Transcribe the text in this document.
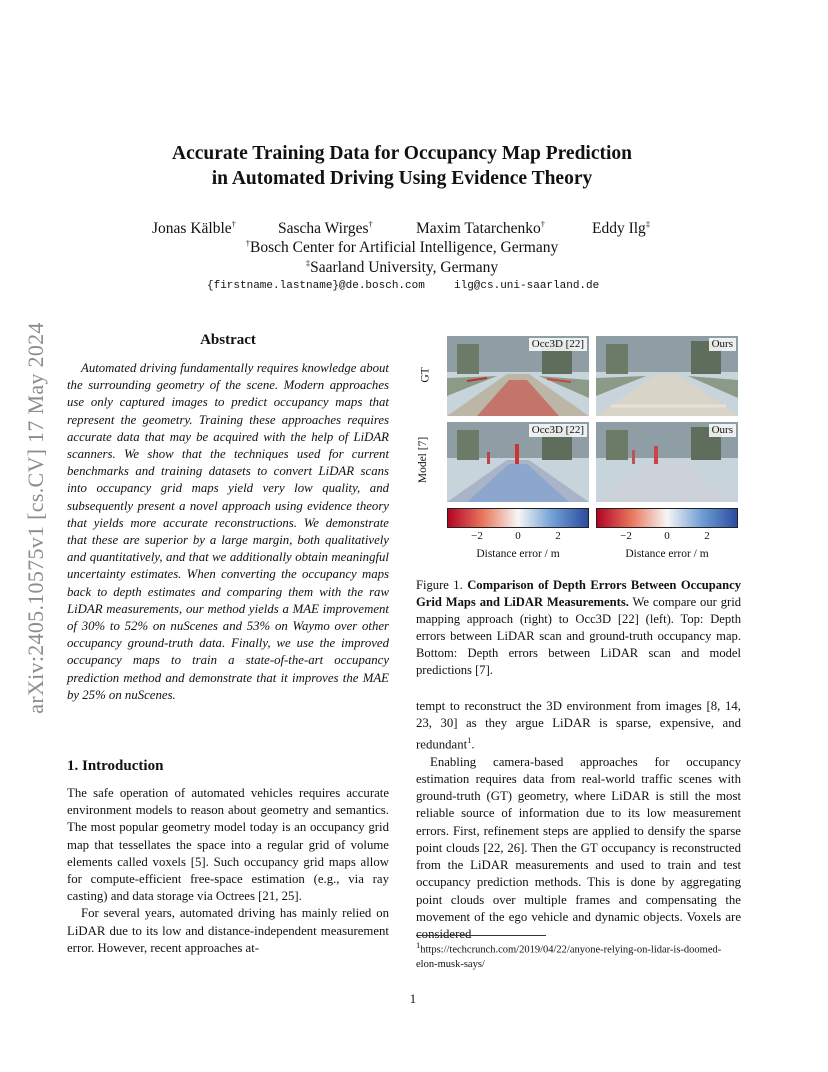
arXiv:2405.10575v1 [cs.CV] 17 May 2024
Accurate Training Data for Occupancy Map Prediction
in Automated Driving Using Evidence Theory
Jonas Kälble†	Sascha Wirges†	Maxim Tatarchenko†	Eddy Ilg‡
†Bosch Center for Artificial Intelligence, Germany
‡Saarland University, Germany
{firstname.lastname}@de.bosch.com	ilg@cs.uni-saarland.de
Abstract
Automated driving fundamentally requires knowledge about the surrounding geometry of the scene. Modern approaches use only captured images to predict occupancy maps that represent the geometry. Training these approaches requires accurate data that may be acquired with the help of LiDAR scanners. We show that the techniques used for current benchmarks and training datasets to convert LiDAR scans into occupancy grid maps yield very low quality, and subsequently present a novel approach using evidence theory that yields more accurate reconstructions. We demonstrate that these are superior by a large margin, both qualitatively and quantitatively, and that we additionally obtain meaningful uncertainty estimates. When converting the occupancy maps back to depth estimates and comparing them with the raw LiDAR measurements, our method yields a MAE improvement of 30% to 52% on nuScenes and 53% on Waymo over other occupancy ground-truth data. Finally, we use the improved occupancy maps to train a state-of-the-art occupancy prediction method and demonstrate that it improves the MAE by 25% on nuScenes.
1. Introduction

The safe operation of automated vehicles requires accurate environment models to reason about geometry and semantics. The most popular geometry model today is an occupancy grid map that tessellates the space into a regular grid of volume elements called voxels [5]. Such occupancy grid maps allow for compute-efficient free-space estimation (e.g., via ray casting) and data storage via Octrees [21, 25].

For several years, automated driving has mainly relied on LiDAR due to its low and distance-independent measurement error. However, recent approaches at-

GT
Model [7]
Occ3D [22]	Ours
Occ3D [22]	Ours
−2	0	2	−2	0	2
Distance error / m	Distance error / m
Figure 1. Comparison of Depth Errors Between Occupancy Grid Maps and LiDAR Measurements. We compare our grid mapping approach (right) to Occ3D [22] (left). Top: Depth errors between LiDAR scan and ground-truth occupancy map. Bottom: Depth errors between LiDAR scan and model predictions [7].

tempt to reconstruct the 3D environment from images [8, 14, 23, 30] as they argue LiDAR is sparse, expensive, and redundant$^1$.

Enabling camera-based approaches for occupancy estimation requires data from real-world traffic scenes with ground-truth (GT) geometry, where LiDAR is still the most reliable source of information due to its low measurement errors. First, refinement steps are applied to densify the sparse point clouds [22, 26]. Then the GT occupancy is reconstructed from the LiDAR measurements and used to train and test occupancy prediction methods. This is done by aggregating point clouds over multiple frames and compensating the movement of the ego vehicle and dynamic objects. Voxels are considered

$^1$https://techcrunch.com/2019/04/22/anyone-relying-on-lidar-is-doomed-elon-musk-says/
1
